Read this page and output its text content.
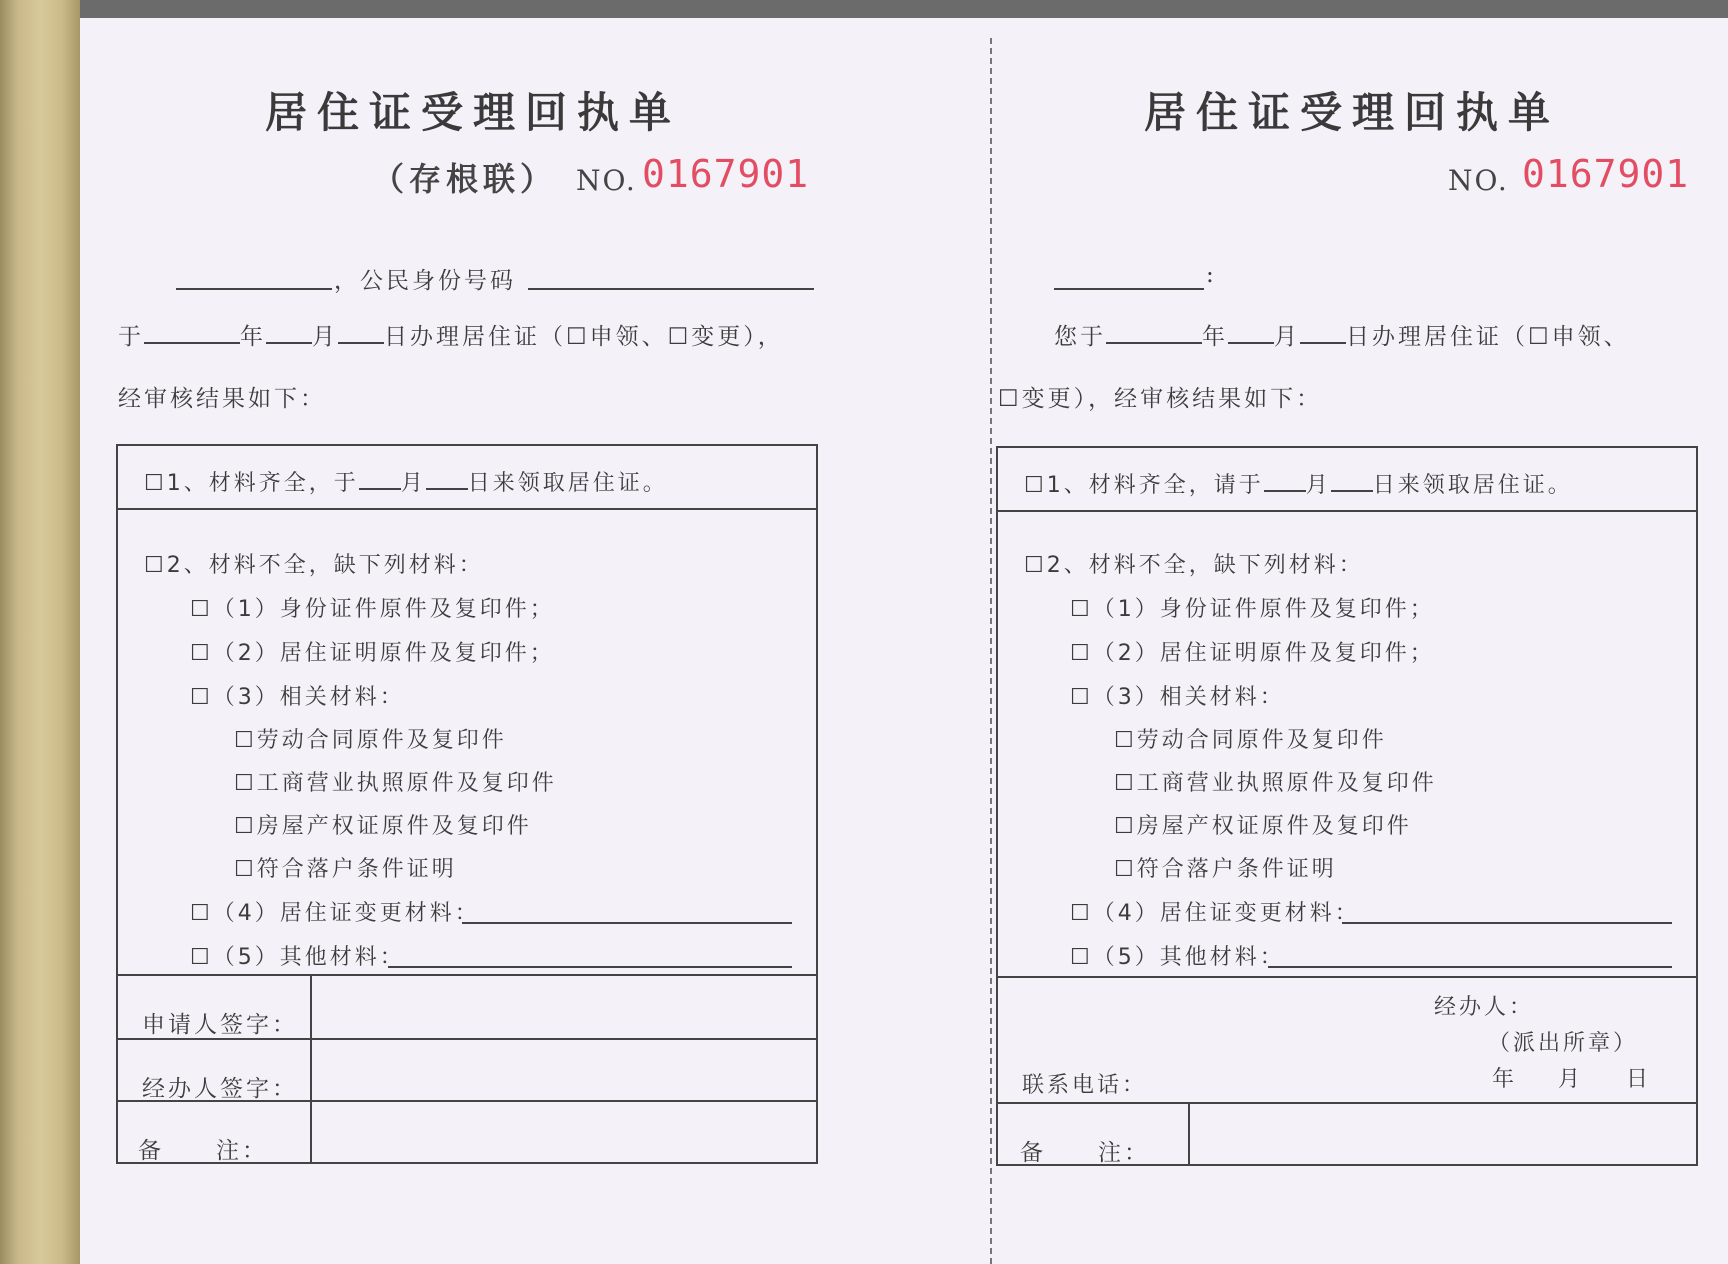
居住证受理回执单
（存根联） NO. 0167901
，公民身份号码
于	年 月 日办理居住证（☐申领、☐变更），
经审核结果如下：
☐1、材料齐全，于 月 日来领取居住证。
☐2、材料不全，缺下列材料：
☐（1）身份证件原件及复印件；
☐（2）居住证明原件及复印件；
☐（3）相关材料：
☐劳动合同原件及复印件
☐工商营业执照原件及复印件
☐房屋产权证原件及复印件
☐符合落户条件证明
☐（4）居住证变更材料：
☐（5）其他材料：
申请人签字：
经办人签字：
备　　注：
居住证受理回执单
NO. 0167901
:
您于	年 月 日办理居住证（☐申领、
☐变更），经审核结果如下：
☐1、材料齐全，请于 月 日来领取居住证。
☐2、材料不全，缺下列材料：
☐（1）身份证件原件及复印件；
☐（2）居住证明原件及复印件；
☐（3）相关材料：
☐劳动合同原件及复印件
☐工商营业执照原件及复印件
☐房屋产权证原件及复印件
☐符合落户条件证明
☐（4）居住证变更材料：
☐（5）其他材料：
经办人：
（派出所章）
年 月 日
联系电话：
备　　注：
